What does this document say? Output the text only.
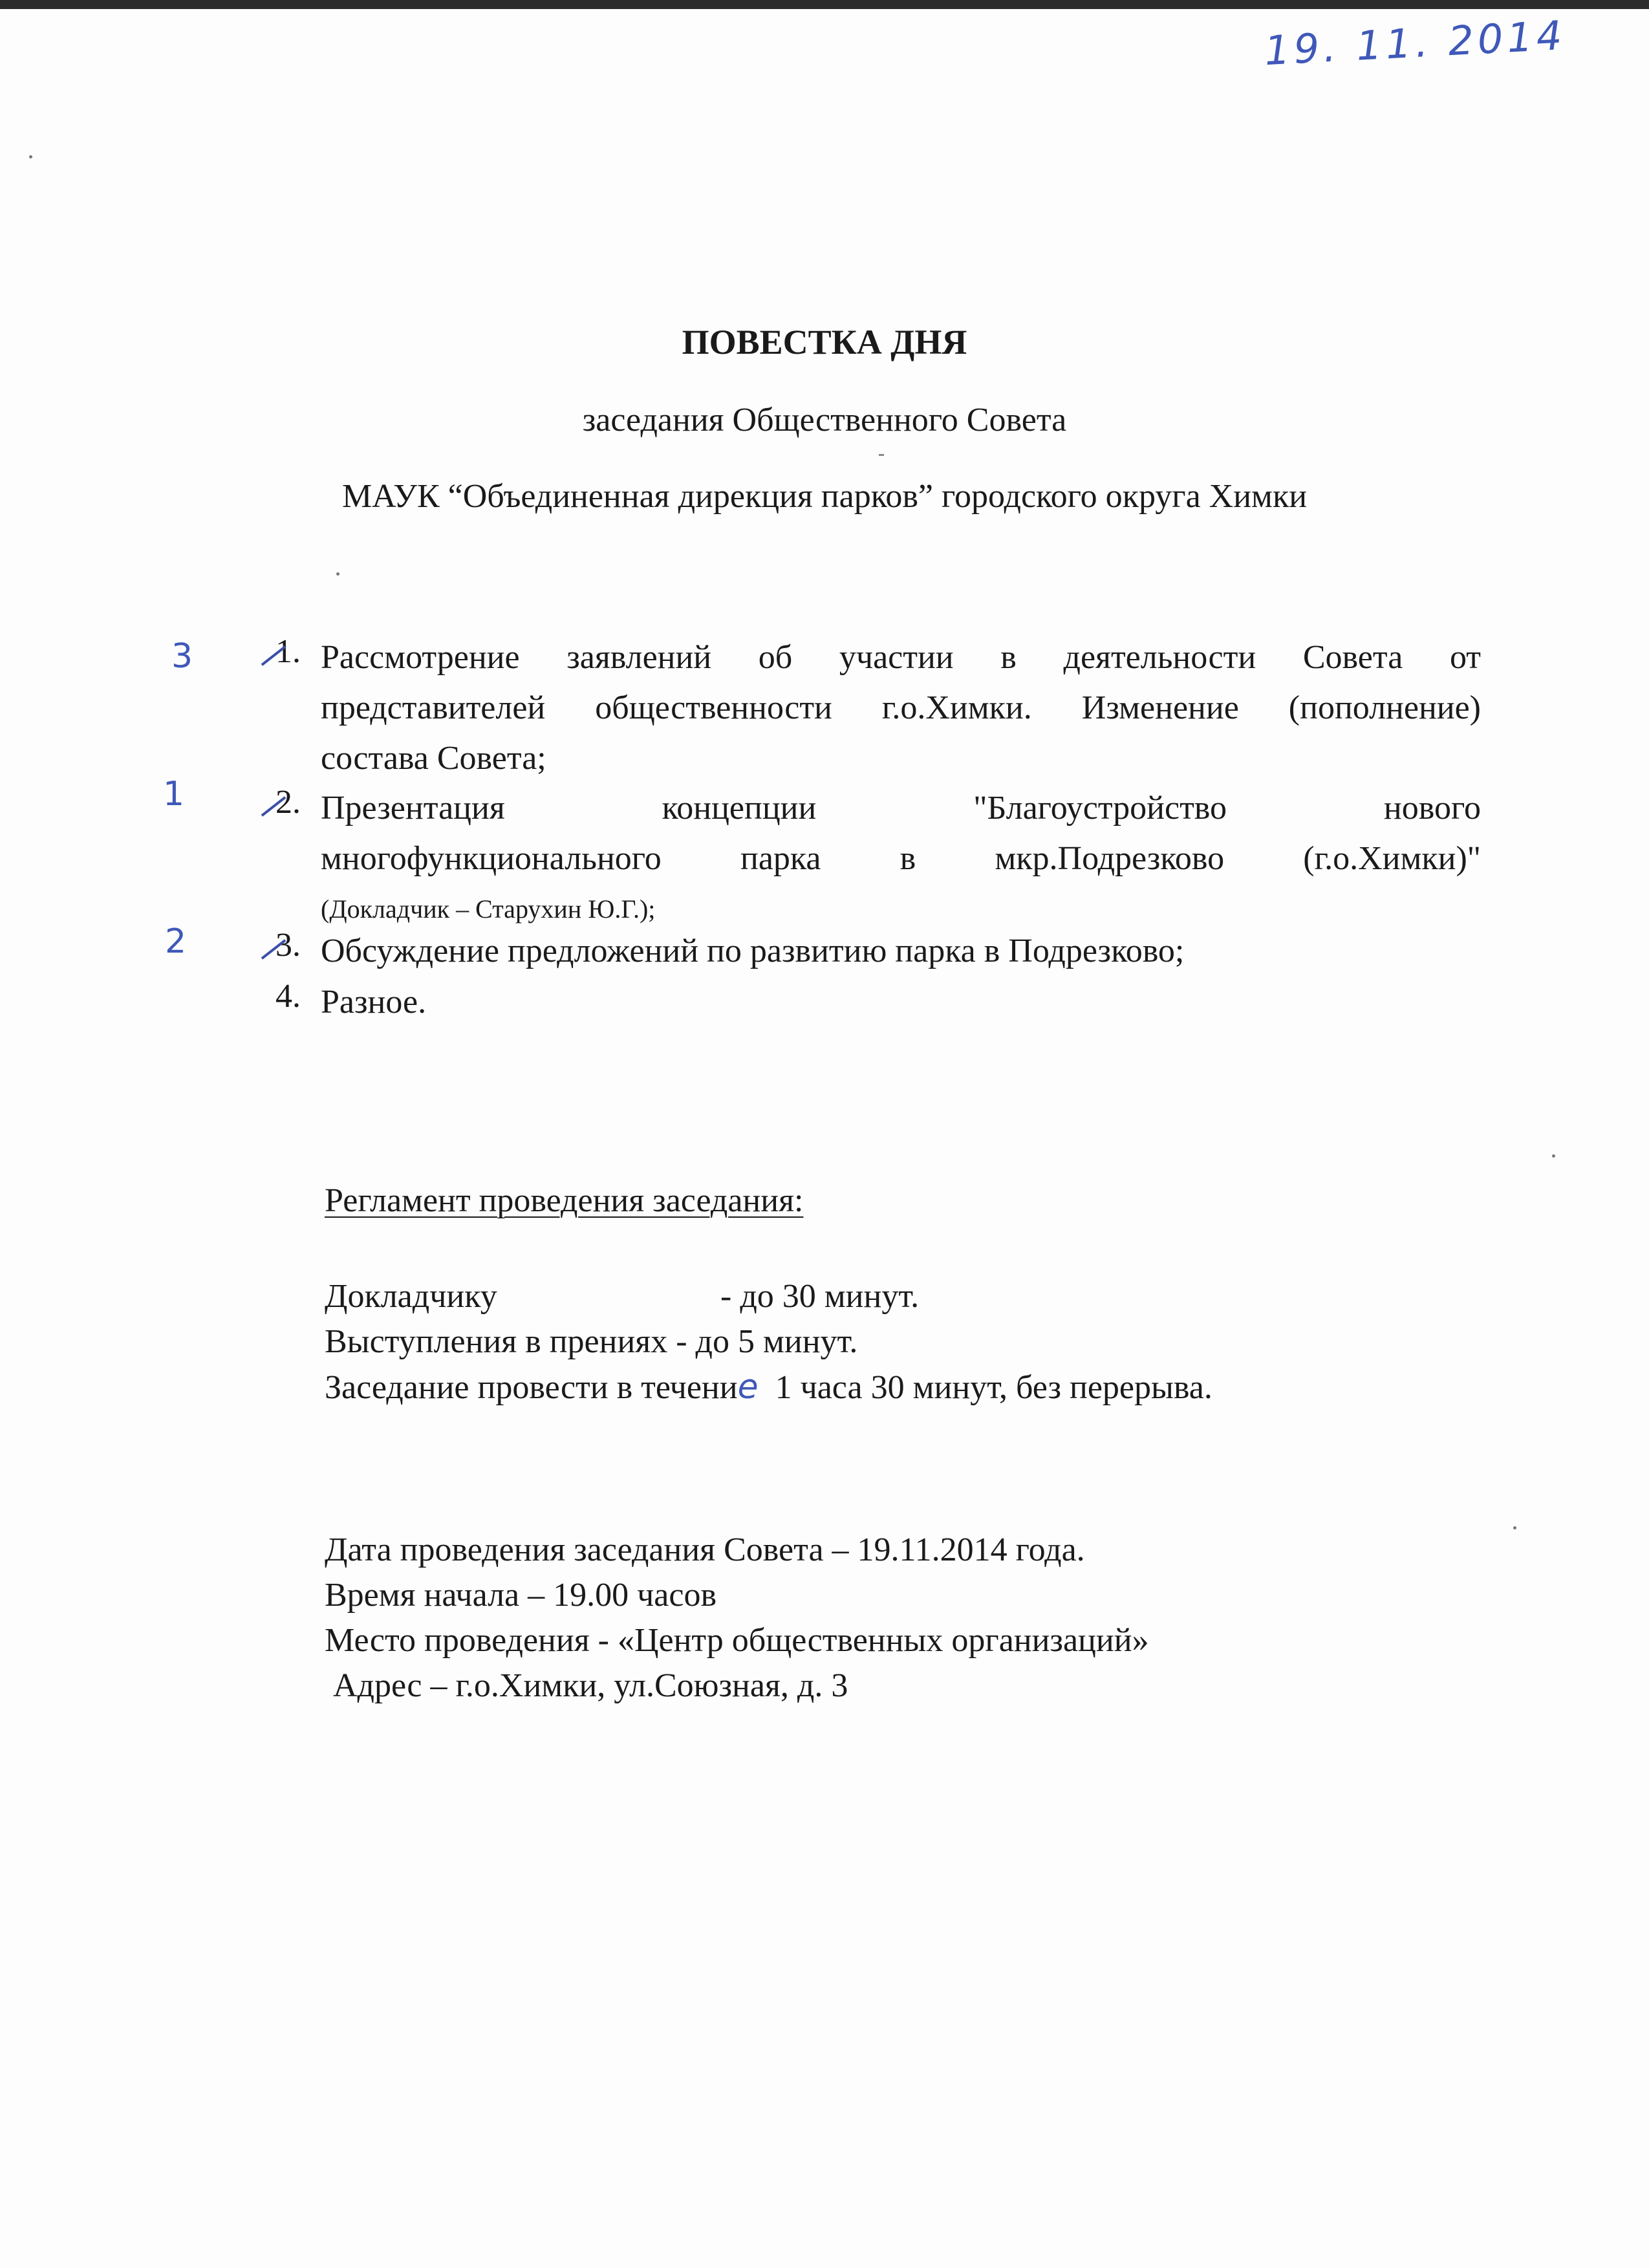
19. 11. 2014
ПОВЕСТКА ДНЯ
заседания Общественного Совета
МАУК “Объединенная дирекция парков” городского округа Химки
3
1
2
1.
2.
3.
4.
Рассмотрение заявлений об участии в деятельности Совета от
представителей общественности г.о.Химки. Изменение (пополнение)
состава Совета;
Презентация концепции "Благоустройство нового
многофункционального парка в мкр.Подрезково (г.о.Химки)"
(Докладчик – Старухин Ю.Г.);
Обсуждение предложений по развитию парка в Подрезково;
Разное.
Регламент проведения заседания:
Докладчику	- до 30 минут.
Выступления в прениях - до 5 минут.
Заседание провести в течение  1 часа 30 минут, без перерыва.
Дата проведения заседания Совета – 19.11.2014 года.
Время начала – 19.00 часов
Место проведения - «Центр общественных организаций»
Адрес – г.о.Химки, ул.Союзная, д. 3
